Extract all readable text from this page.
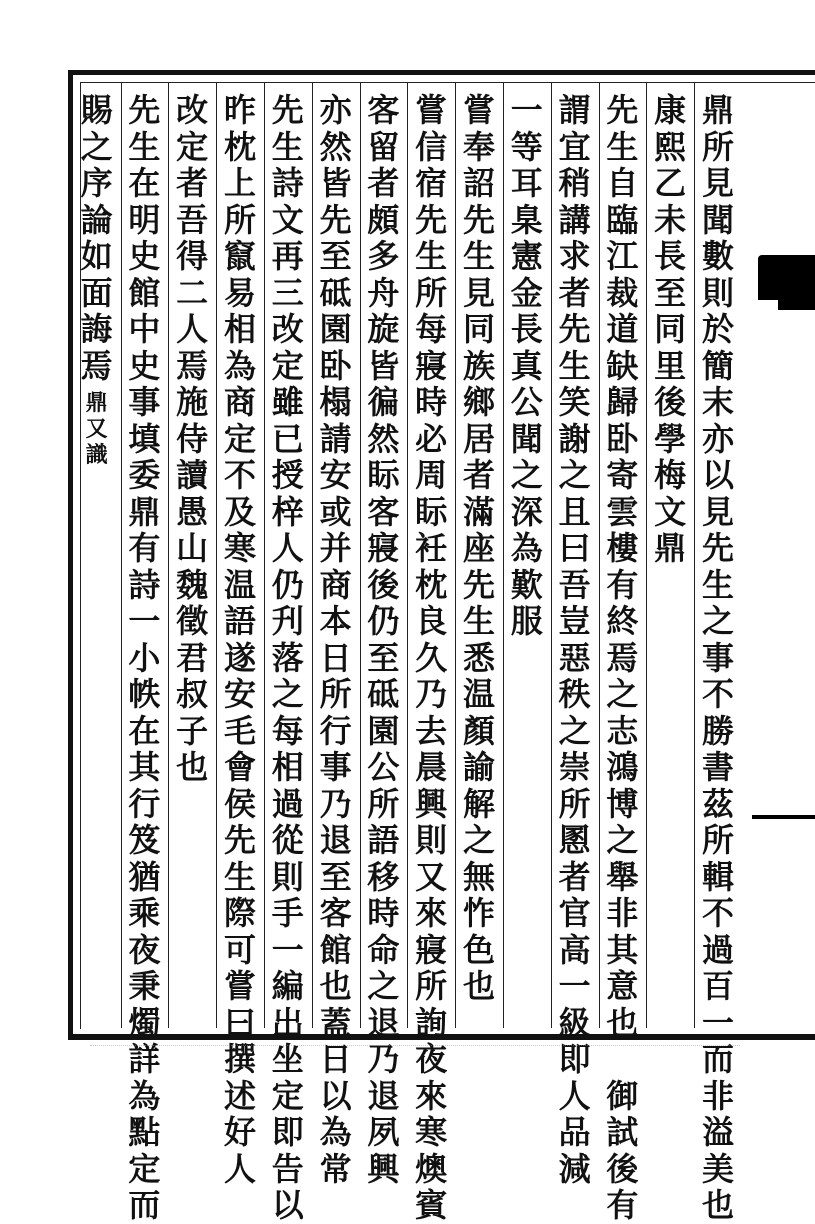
鼎
所
見
聞
數
則
於
簡
末
亦
以
見
先
生
之
事
不
勝
書
茲
所
輯
不
過
百
一
而
非
溢
美
也
康
熙
乙
未
長
至
同
里
後
學
梅
文
鼎
先
生
自
臨
江
裁
道
缺
歸
卧
寄
雲
樓
有
終
焉
之
志
鴻
博
之
舉
非
其
意
也

御
試
後
有
謂
宜
稍
講
求
者
先
生
笑
謝
之
且
曰
吾
豈
惡
秩
之
崇
所
慁
者
官
高
一
級
即
人
品
減
一
等
耳
臬
憲
金
長
真
公
聞
之
深
為
歎
服
嘗
奉
詔
先
生
見
同
族
鄉
居
者
滿
座
先
生
悉
温
顏
諭
解
之
無
怍
色
也
嘗
信
宿
先
生
所
每
寢
時
必
周
眎
衽
枕
良
久
乃
去
晨
興
則
又
來
寢
所
詢
夜
來
寒
燠
賓
客
留
者
頗
多
舟
旋
皆
徧
然
眎
客
寢
後
仍
至
砥
園
公
所
語
移
時
命
之
退
乃
退
夙
興
亦
然
皆
先
至
砥
園
卧
榻
請
安
或
并
商
本
日
所
行
事
乃
退
至
客
館
也
蓋
日
以
為
常
先
生
詩
文
再
三
改
定
雖
已
授
梓
人
仍
刋
落
之
每
相
過
從
則
手
一
編
出
坐
定
即
告
以
昨
枕
上
所
竄
易
相
為
商
定
不
及
寒
温
語
遂
安
毛
會
侯
先
生
際
可
嘗
曰
撰
述
好
人
改
定
者
吾
得
二
人
焉
施
侍
讀
愚
山
魏
徵
君
叔
子
也
先
生
在
明
史
館
中
史
事
填
委
鼎
有
詩
一
小
帙
在
其
行
笈
猶
乘
夜
秉
燭
詳
為
點
定
而
賜
之
序
論
如
面
誨
焉
鼎
又
識
